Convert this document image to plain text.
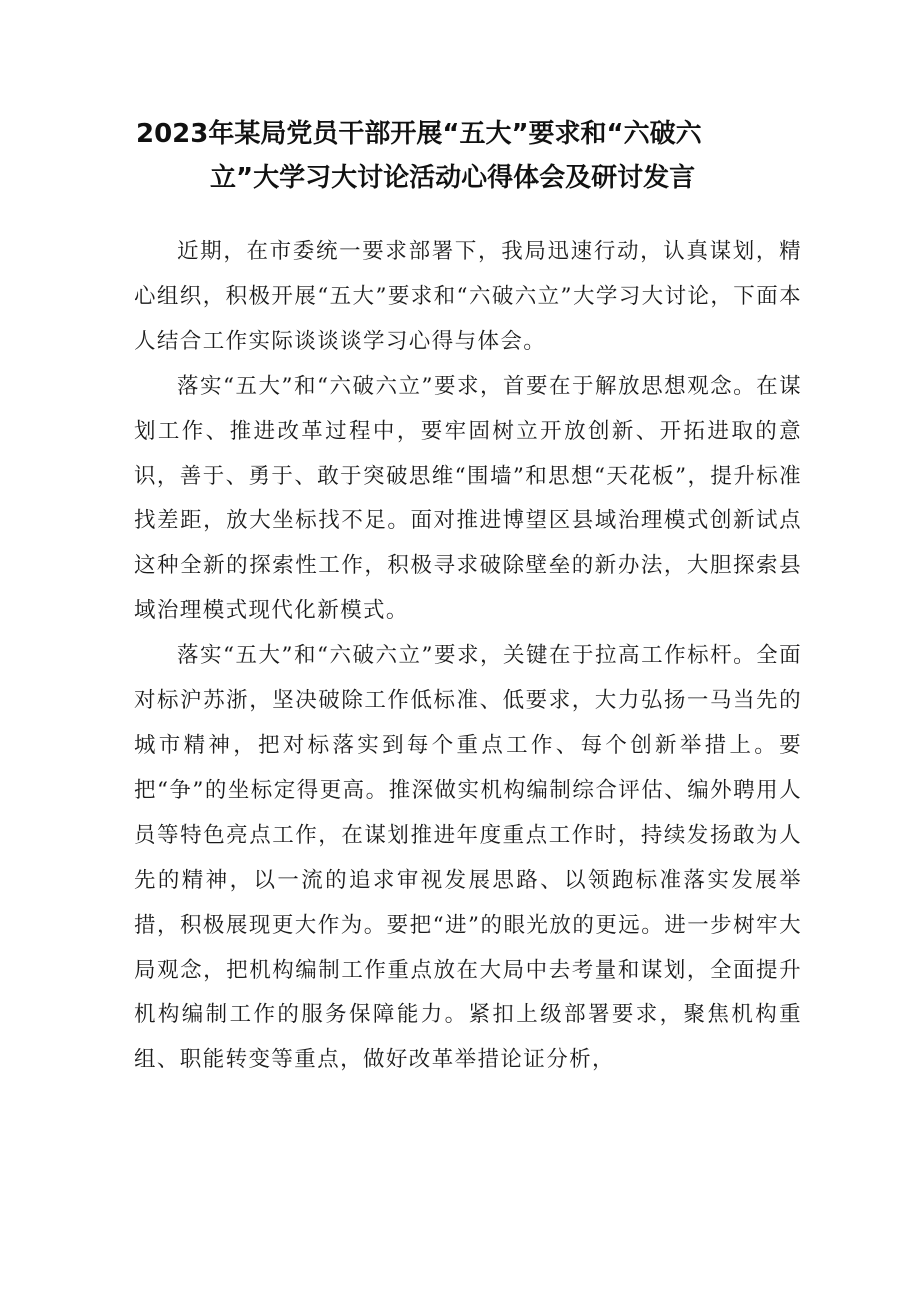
2023年某局党员干部开展“五大”要求和“六破六
立”大学习大讨论活动心得体会及研讨发言

近期，在市委统一要求部署下，我局迅速行动，认真谋划，精心组织，积极开展“五大”要求和“六破六立”大学习大讨论，下面本人结合工作实际谈谈谈学习心得与体会。

落实“五大”和“六破六立”要求，首要在于解放思想观念。在谋划工作、推进改革过程中，要牢固树立开放创新、开拓进取的意识，善于、勇于、敢于突破思维“围墙”和思想“天花板”，提升标准找差距，放大坐标找不足。面对推进博望区县域治理模式创新试点这种全新的探索性工作，积极寻求破除壁垒的新办法，大胆探索县域治理模式现代化新模式。

落实“五大”和“六破六立”要求，关键在于拉高工作标杆。全面对标沪苏浙，坚决破除工作低标准、低要求，大力弘扬一马当先的城市精神，把对标落实到每个重点工作、每个创新举措上。要把“争”的坐标定得更高。推深做实机构编制综合评估、编外聘用人员等特色亮点工作，在谋划推进年度重点工作时，持续发扬敢为人先的精神，以一流的追求审视发展思路、以领跑标准落实发展举措，积极展现更大作为。要把“进”的眼光放的更远。进一步树牢大局观念，把机构编制工作重点放在大局中去考量和谋划，全面提升机构编制工作的服务保障能力。紧扣上级部署要求，聚焦机构重组、职能转变等重点，做好改革举措论证分析，
